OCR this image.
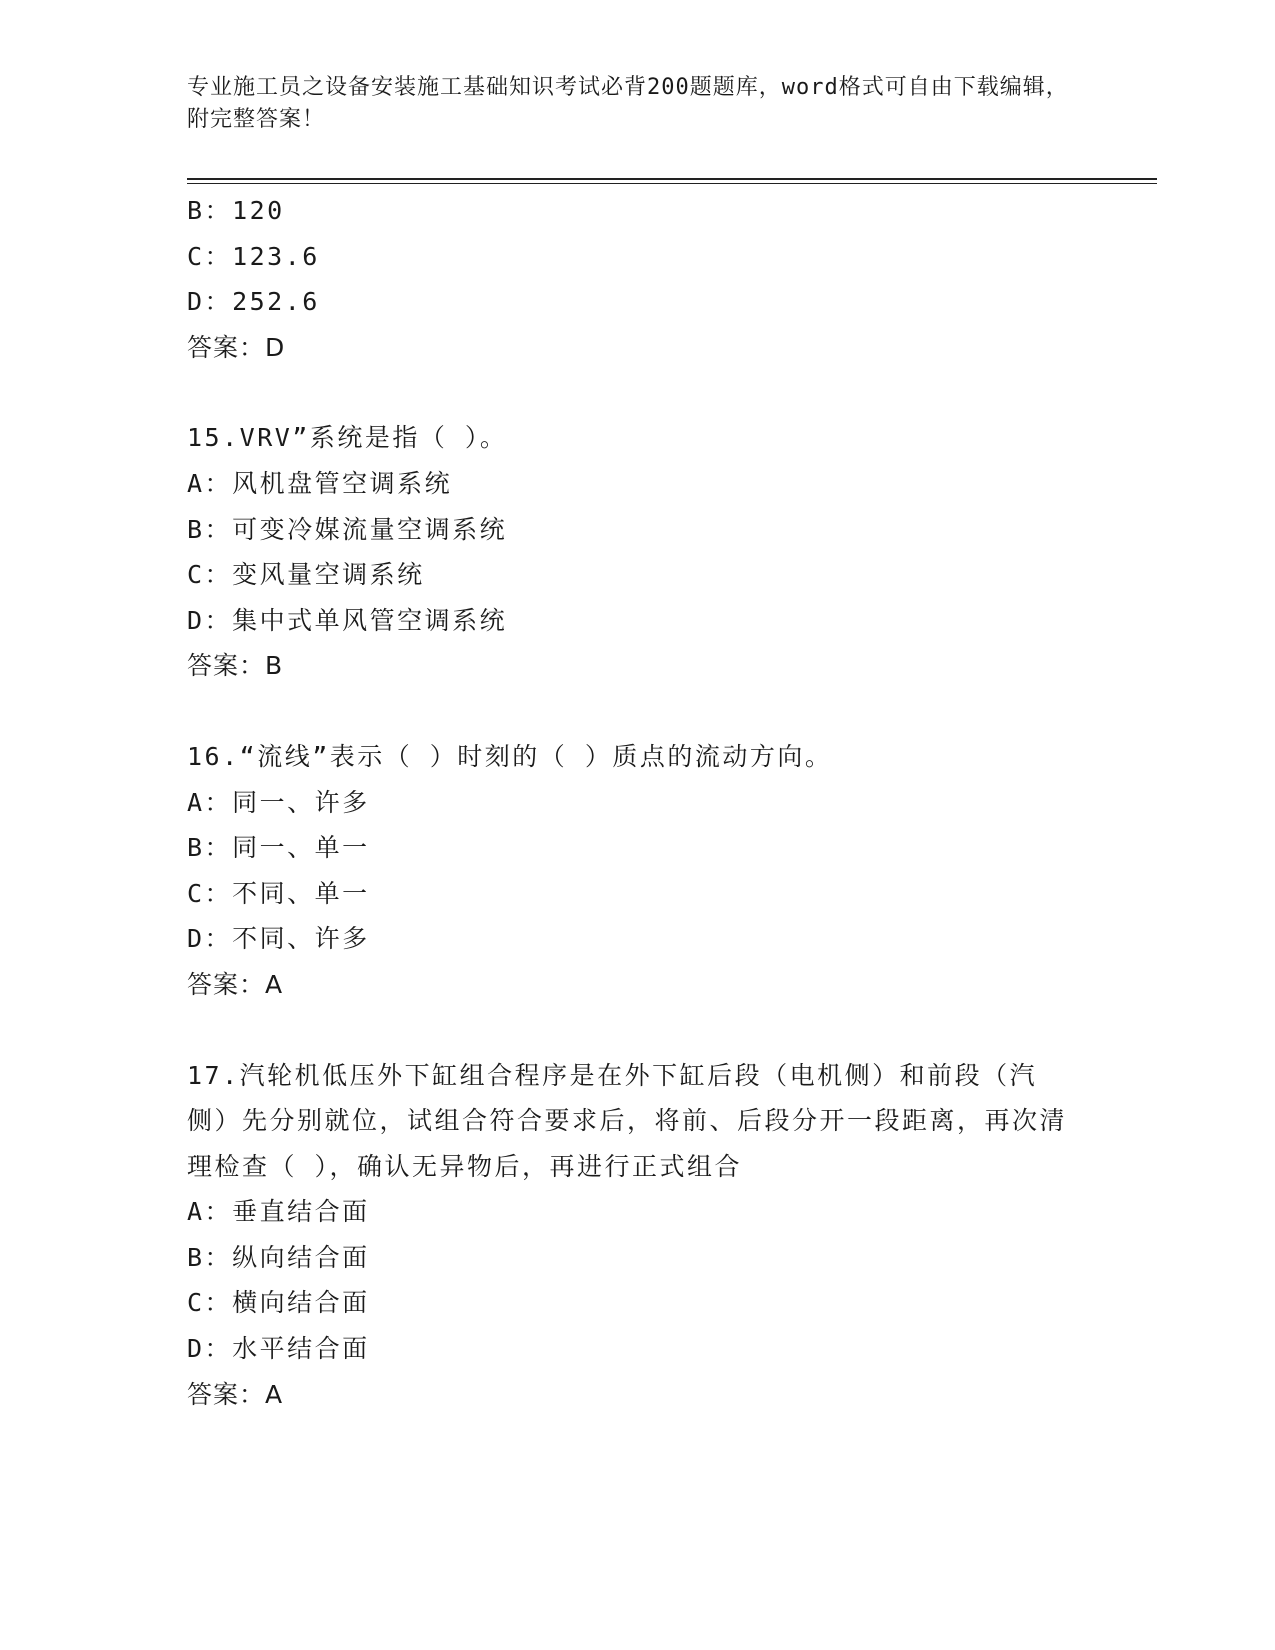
专业施工员之设备安装施工基础知识考试必背200题题库，word格式可自由下载编辑，附完整答案！
B：120
C：123.6
D：252.6
答案：D
15.VRV”系统是指（ ）。
A：风机盘管空调系统
B：可变冷媒流量空调系统
C：变风量空调系统
D：集中式单风管空调系统
答案：B
16.“流线”表示（ ）时刻的（ ）质点的流动方向。
A：同一、许多
B：同一、单一
C：不同、单一
D：不同、许多
答案：A
17.汽轮机低压外下缸组合程序是在外下缸后段（电机侧）和前段（汽侧）先分别就位，试组合符合要求后，将前、后段分开一段距离，再次清理检查（ ），确认无异物后，再进行正式组合
A：垂直结合面
B：纵向结合面
C：横向结合面
D：水平结合面
答案：A
